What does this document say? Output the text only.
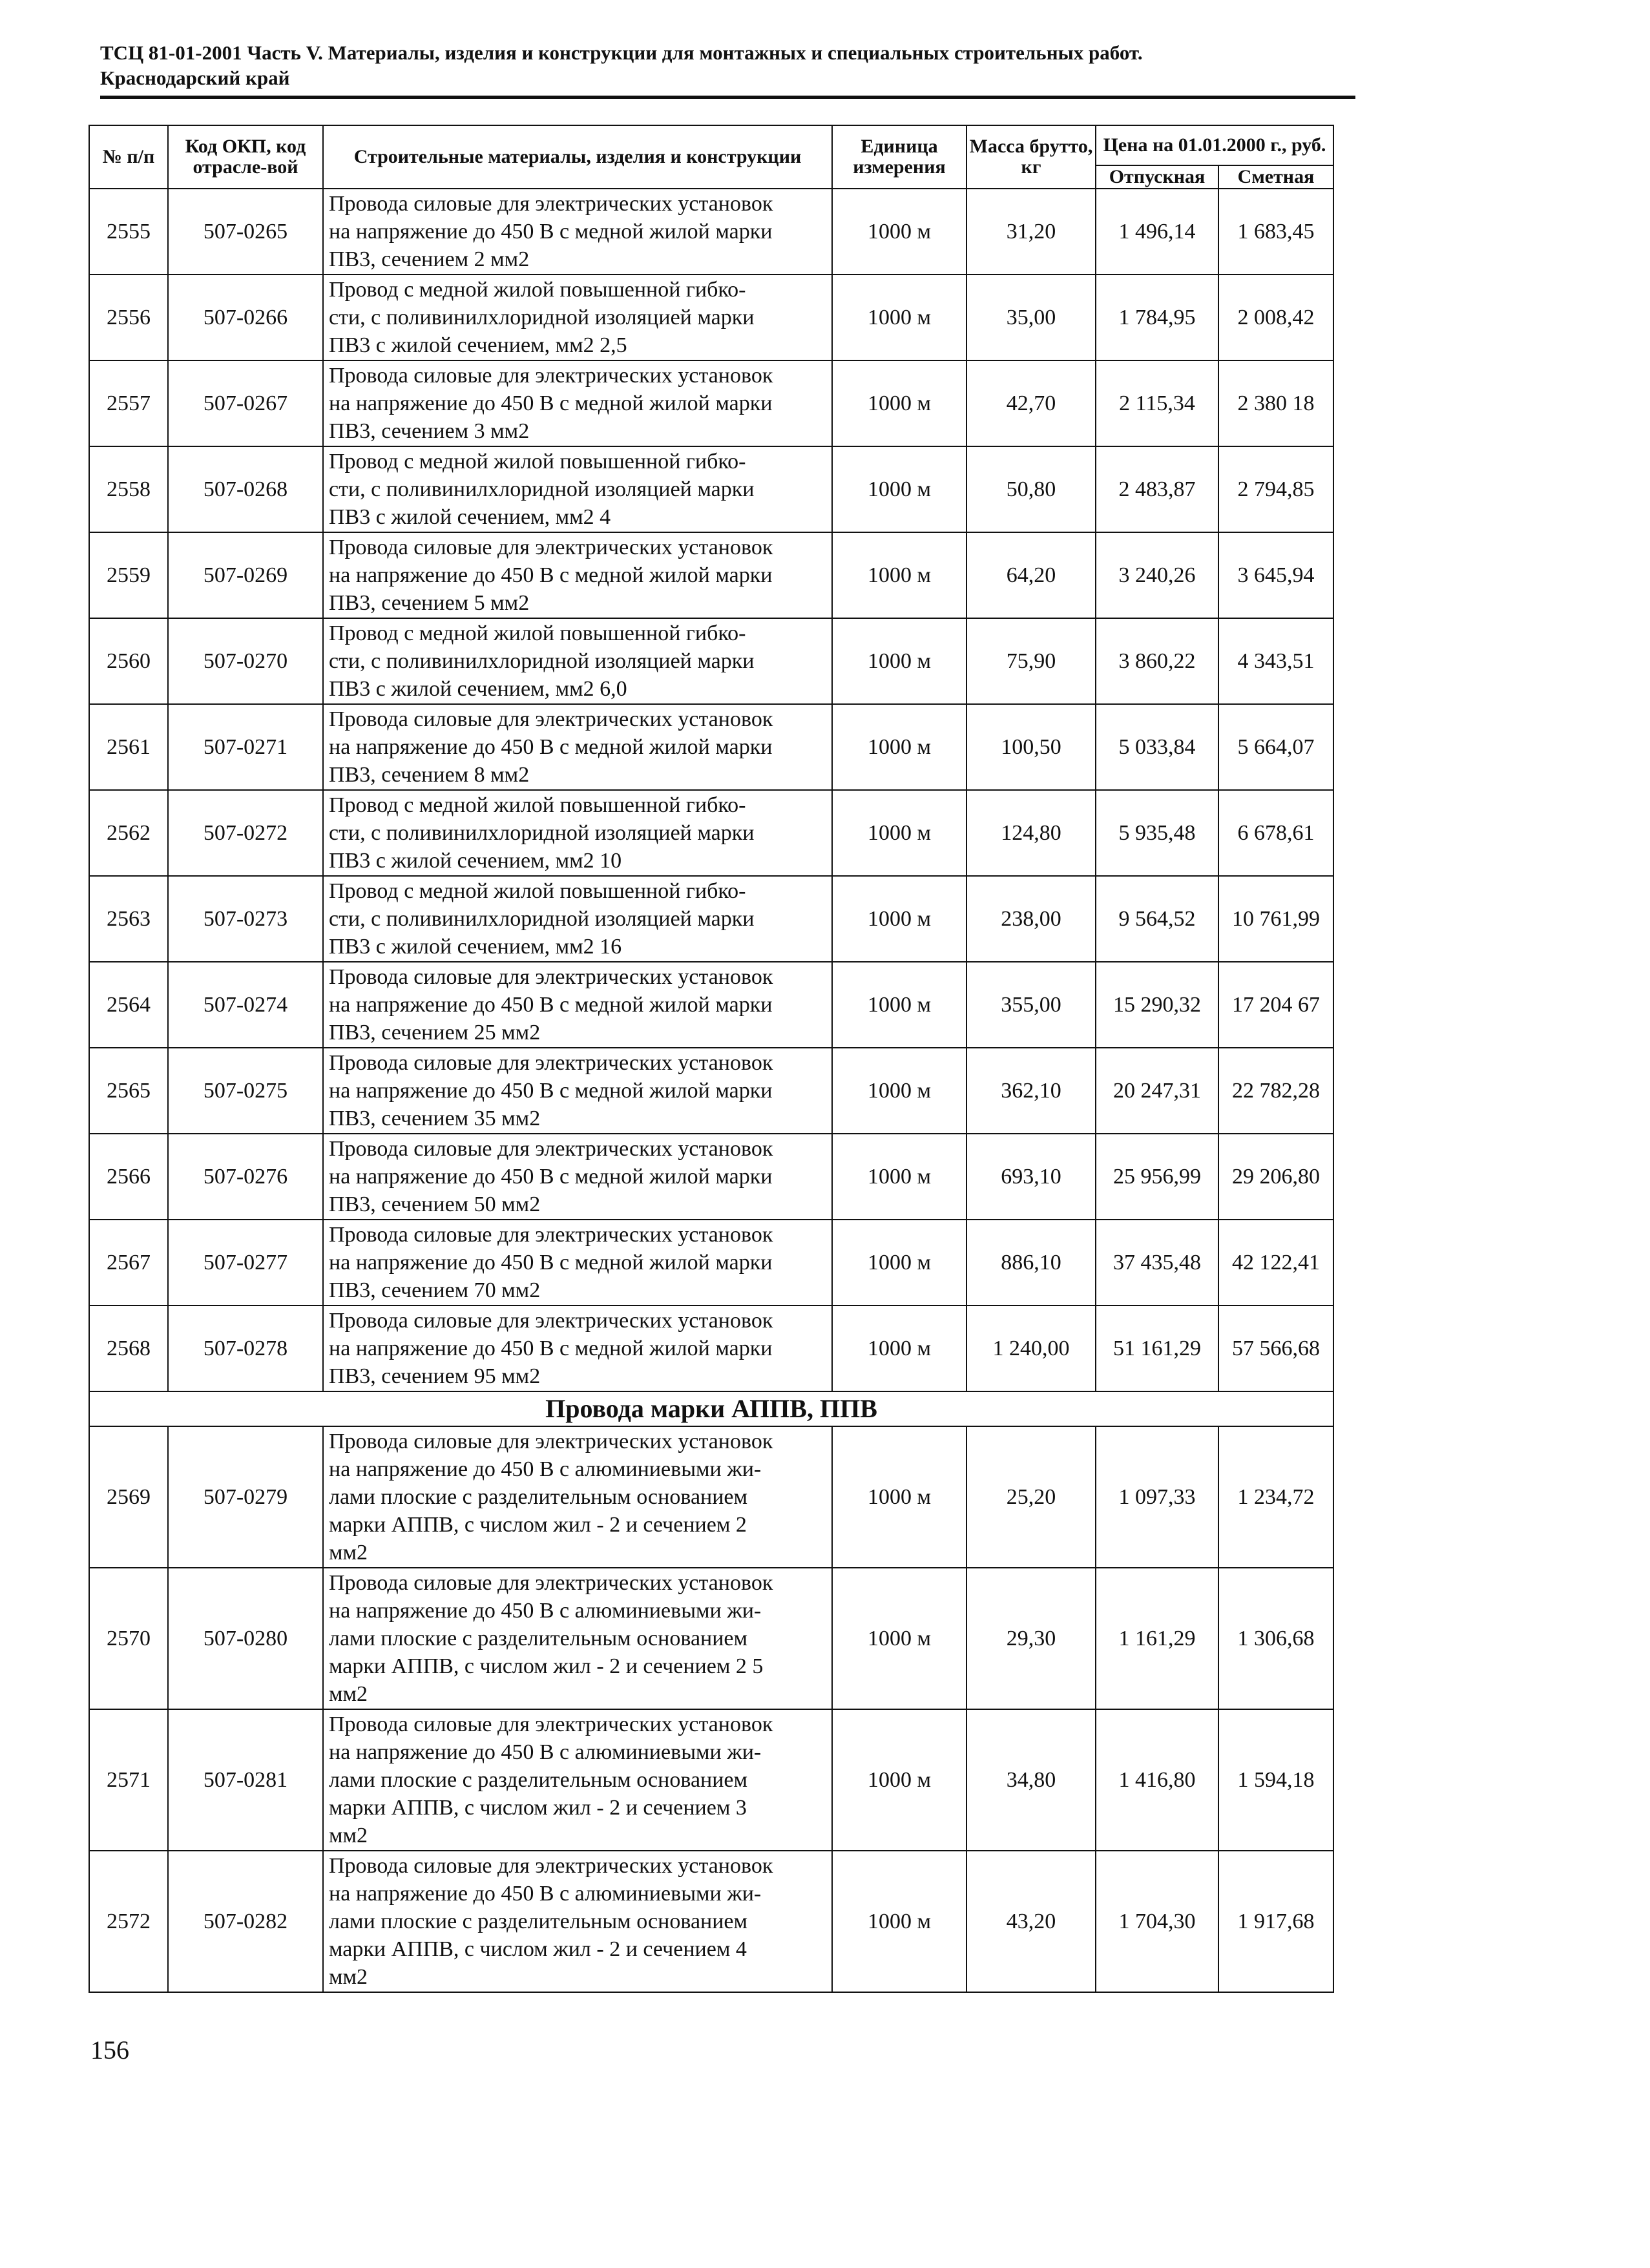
ТСЦ 81-01-2001 Часть V. Материалы, изделия и конструкции для монтажных и специальных строительных работ.
Краснодарский край
№ п/п	Код ОКП, код отрасле-вой	Строительные материалы, изделия и конструкции	Единица измерения	Масса брутто, кг	Цена на 01.01.2000 г., руб.	
					Отпускная	Сметная
2555	507-0265	Провода силовые для электрических установок
на напряжение до 450 В с медной жилой марки
ПВ3, сечением 2 мм2	1000 м	31,20	1 496,14	1 683,45
2556	507-0266	Провод с медной жилой повышенной гибко-
сти, с поливинилхлоридной изоляцией марки
ПВ3 с жилой сечением, мм2 2,5	1000 м	35,00	1 784,95	2 008,42
2557	507-0267	Провода силовые для электрических установок
на напряжение до 450 В с медной жилой марки
ПВ3, сечением 3 мм2	1000 м	42,70	2 115,34	2 380 18
2558	507-0268	Провод с медной жилой повышенной гибко-
сти, с поливинилхлоридной изоляцией марки
ПВ3 с жилой сечением, мм2 4	1000 м	50,80	2 483,87	2 794,85
2559	507-0269	Провода силовые для электрических установок
на напряжение до 450 В с медной жилой марки
ПВ3, сечением 5 мм2	1000 м	64,20	3 240,26	3 645,94
2560	507-0270	Провод с медной жилой повышенной гибко-
сти, с поливинилхлоридной изоляцией марки
ПВ3 с жилой сечением, мм2 6,0	1000 м	75,90	3 860,22	4 343,51
2561	507-0271	Провода силовые для электрических установок
на напряжение до 450 В с медной жилой марки
ПВ3, сечением 8 мм2	1000 м	100,50	5 033,84	5 664,07
2562	507-0272	Провод с медной жилой повышенной гибко-
сти, с поливинилхлоридной изоляцией марки
ПВ3 с жилой сечением, мм2 10	1000 м	124,80	5 935,48	6 678,61
2563	507-0273	Провод с медной жилой повышенной гибко-
сти, с поливинилхлоридной изоляцией марки
ПВ3 с жилой сечением, мм2 16	1000 м	238,00	9 564,52	10 761,99
2564	507-0274	Провода силовые для электрических установок
на напряжение до 450 В с медной жилой марки
ПВ3, сечением 25 мм2	1000 м	355,00	15 290,32	17 204 67
2565	507-0275	Провода силовые для электрических установок
на напряжение до 450 В с медной жилой марки
ПВ3, сечением 35 мм2	1000 м	362,10	20 247,31	22 782,28
2566	507-0276	Провода силовые для электрических установок
на напряжение до 450 В с медной жилой марки
ПВ3, сечением 50 мм2	1000 м	693,10	25 956,99	29 206,80
2567	507-0277	Провода силовые для электрических установок
на напряжение до 450 В с медной жилой марки
ПВ3, сечением 70 мм2	1000 м	886,10	37 435,48	42 122,41
2568	507-0278	Провода силовые для электрических установок
на напряжение до 450 В с медной жилой марки
ПВ3, сечением 95 мм2	1000 м	1 240,00	51 161,29	57 566,68
Провода марки АППВ, ППВ						
2569	507-0279	Провода силовые для электрических установок
на напряжение до 450 В с алюминиевыми жи-
лами плоские с разделительным основанием
марки АППВ, с числом жил - 2 и сечением 2
мм2	1000 м	25,20	1 097,33	1 234,72
2570	507-0280	Провода силовые для электрических установок
на напряжение до 450 В с алюминиевыми жи-
лами плоские с разделительным основанием
марки АППВ, с числом жил - 2 и сечением 2 5
мм2	1000 м	29,30	1 161,29	1 306,68
2571	507-0281	Провода силовые для электрических установок
на напряжение до 450 В с алюминиевыми жи-
лами плоские с разделительным основанием
марки АППВ, с числом жил - 2 и сечением 3
мм2	1000 м	34,80	1 416,80	1 594,18
2572	507-0282	Провода силовые для электрических установок
на напряжение до 450 В с алюминиевыми жи-
лами плоские с разделительным основанием
марки АППВ, с числом жил - 2 и сечением 4
мм2	1000 м	43,20	1 704,30	1 917,68
156
